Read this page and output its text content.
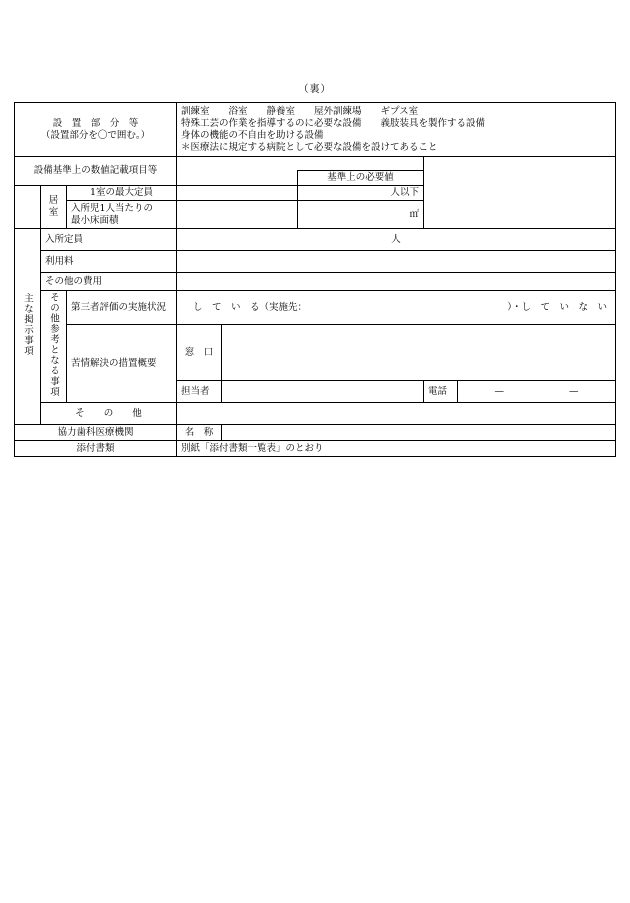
（裏）
設　置　部　分　等
（設置部分を〇で囲む。）			訓練室　　浴室　　静養室　　屋外訓練場　　ギプス室
特殊工芸の作業を指導するのに必要な設備　　義肢装具を製作する設備
身体の機能の不自由を助ける設備
＊医療法に規定する病院として必要な設備を設けてあること				

設備基準上の数値記載項目等							
					基準上の必要値		
	居室	1室の最大定員			人以下		

		入所児1人当たりの
最小床面積			㎡		
主な掲示事項	入所定員		人				
	利用料						
	その他の費用						
	その他参考となる事項	第三者評価の実施状況	し　て　い　る（実施先： ）・し　て　い　な　い				

		苦情解決の措置概要	窓　口				
			担当者			電話	— —

	そ　　の　　他						
協力歯科医療機関			名　称				
添付書類			別紙「添付書類一覧表」のとおり				
